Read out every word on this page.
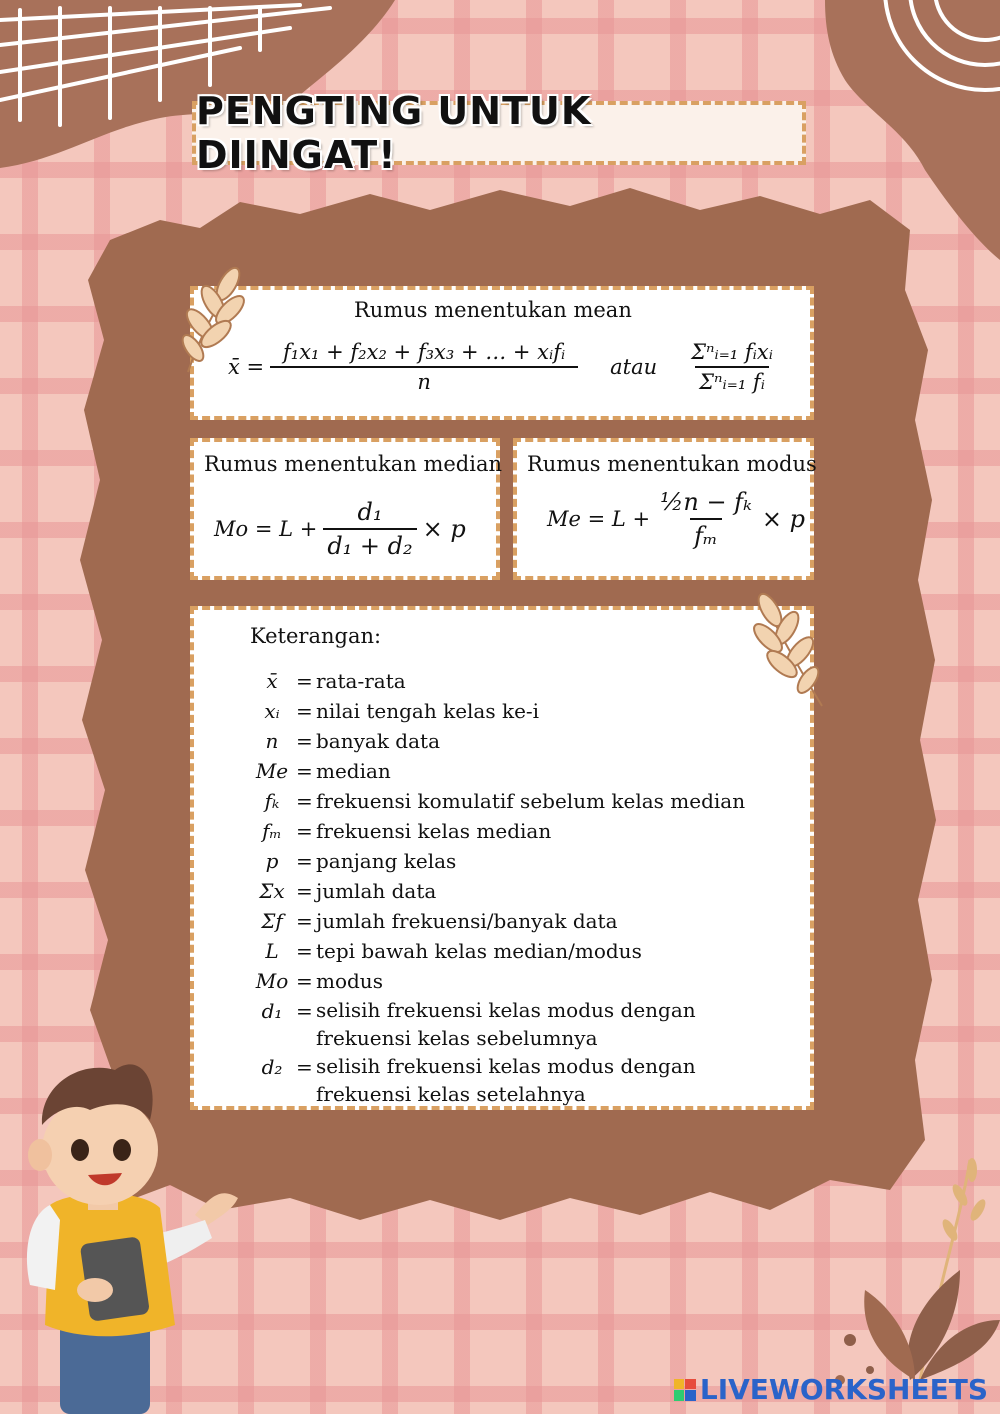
PENGTING UNTUK DIINGAT!
Rumus menentukan mean
x̄ = $\frac{\text{f₁x₁ + f₂x₂ + f₃x₃ + … + xᵢfᵢ}}{n}$ atau $\frac{\text{Σⁿᵢ₌₁ fᵢxᵢ}}{\text{Σⁿᵢ₌₁ fᵢ}}$
Rumus menentukan median
$Mo = L + \frac{\text{d₁}}{\text{d₁ + d₂}} \times p$
Rumus menentukan modus
$Me = L + \frac{\text{½n − fₖ}}{\text{fₘ}} \times p$
Keterangan:
x̄ = rata-rata
xᵢ = nilai tengah kelas ke-i
n = banyak data
Me = median
fₖ = frekuensi komulatif sebelum kelas median
fₘ = frekuensi kelas median
p = panjang kelas
Σx = jumlah data
Σf = jumlah frekuensi/banyak data
L = tepi bawah kelas median/modus
Mo = modus
d₁ = selisih frekuensi kelas modus dengan
frekuensi kelas sebelumnya
d₂ = selisih frekuensi kelas modus dengan
frekuensi kelas setelahnya
LIVEWORKSHEETS
